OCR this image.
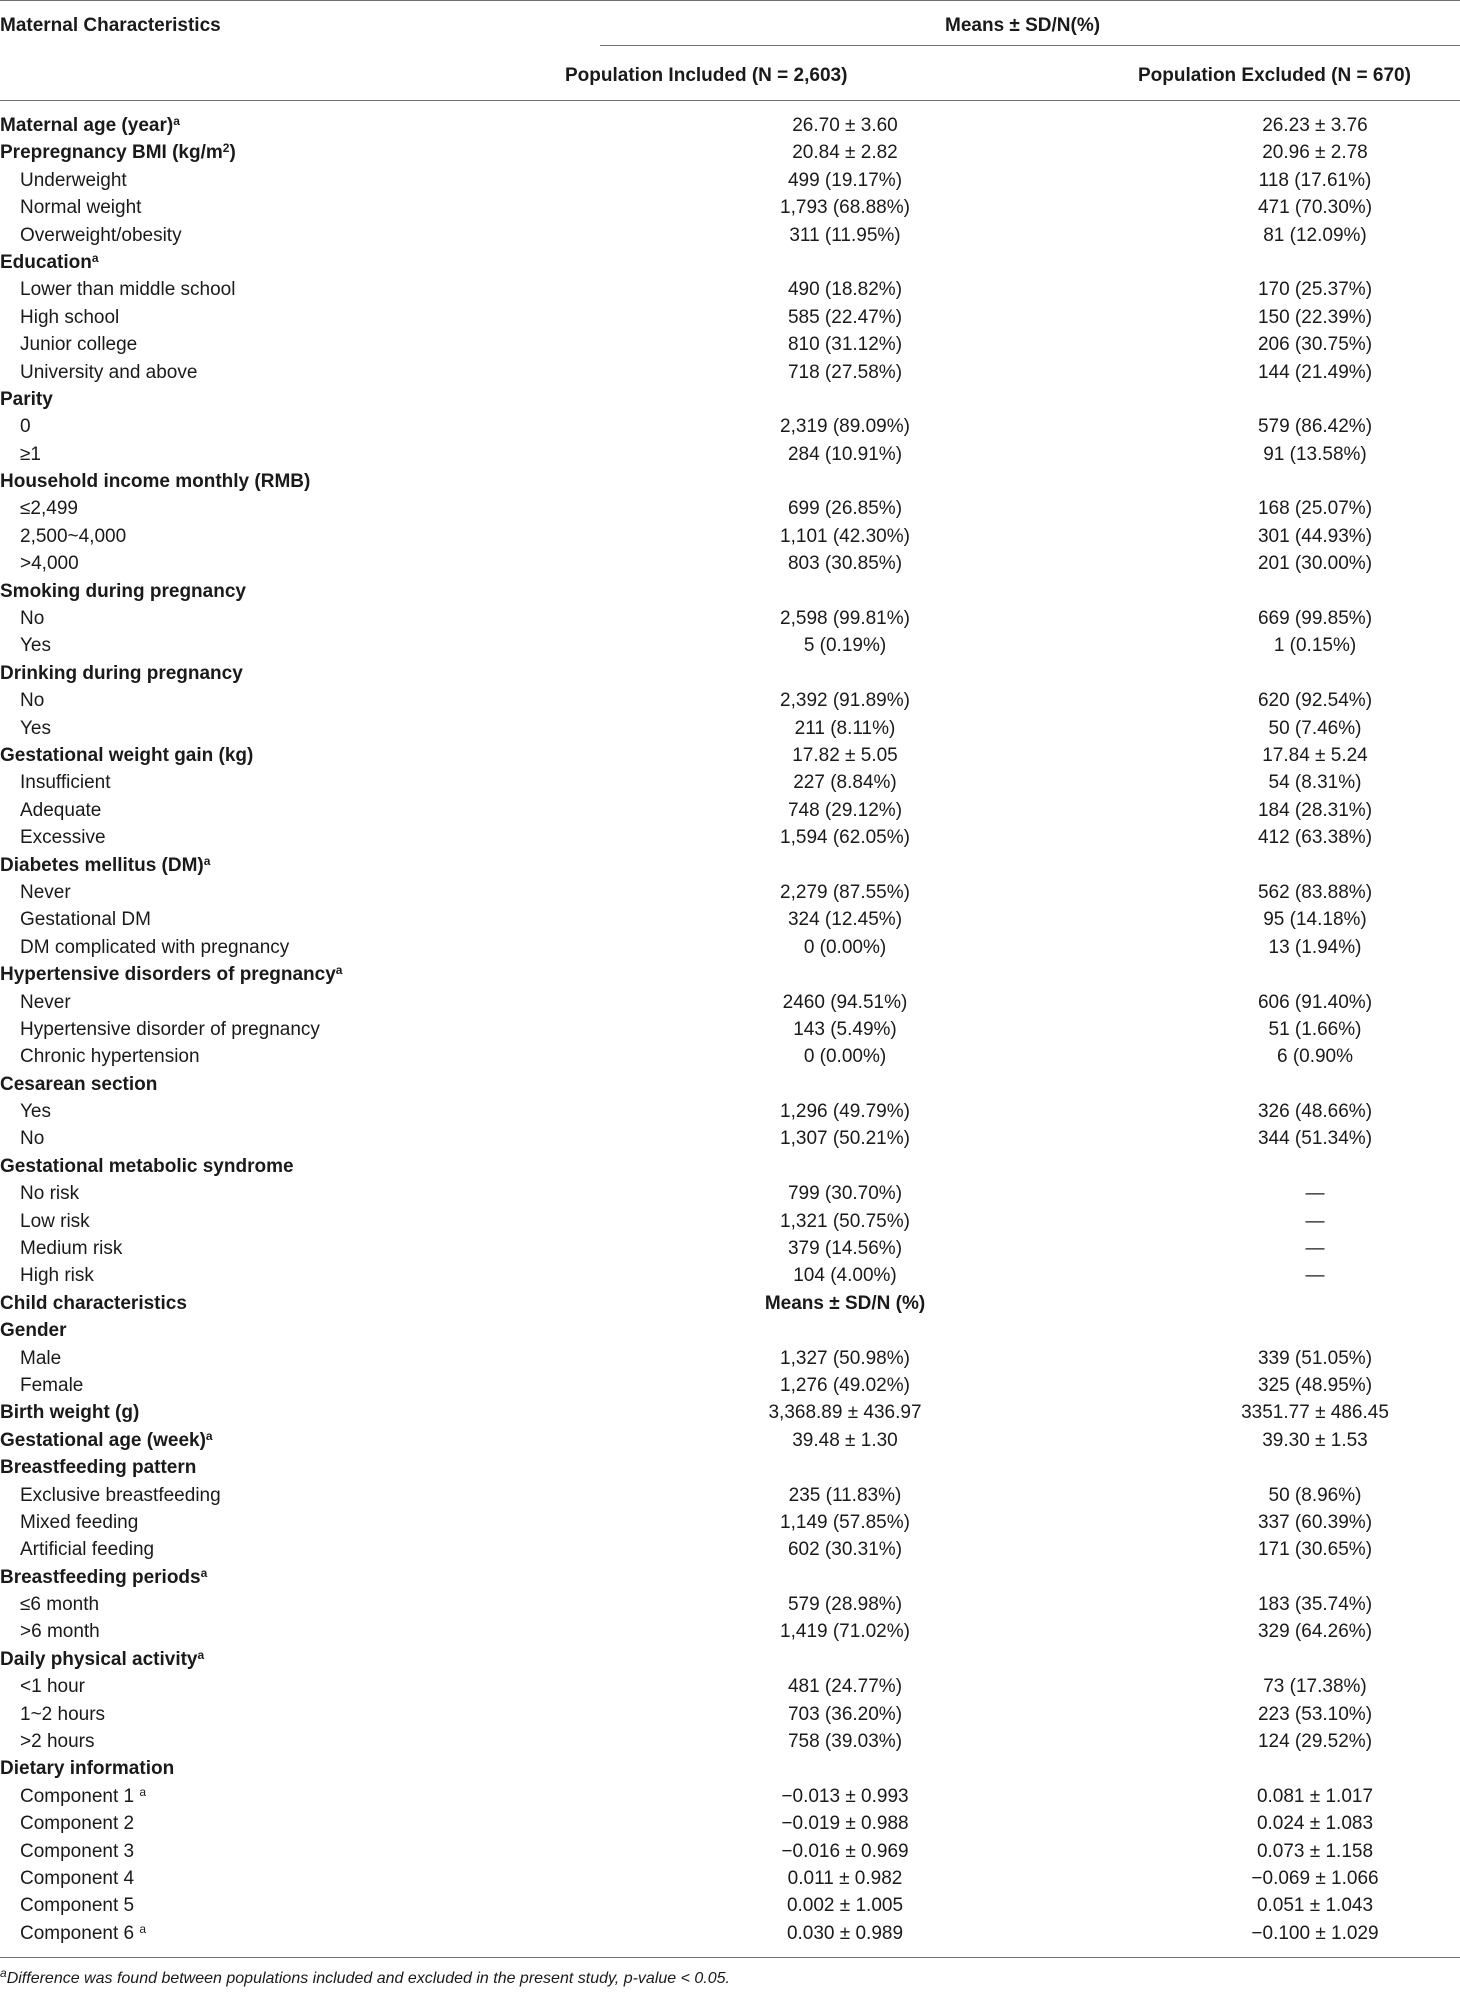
Maternal Characteristics	Means ± SD/N(%)
Population Included (N = 2,603)	Population Excluded (N = 670)
Maternal age (year)$^a$	26.70 ± 3.60	26.23 ± 3.76
Prepregnancy BMI $(kg/m^2)$	20.84 ± 2.82	20.96 ± 2.78
Underweight	499 (19.17%)	118 (17.61%)
Normal weight	1,793 (68.88%)	471 (70.30%)
Overweight/obesity	311 (11.95%)	81 (12.09%)
Education$^a$
Lower than middle school	490 (18.82%)	170 (25.37%)
High school	585 (22.47%)	150 (22.39%)
Junior college	810 (31.12%)	206 (30.75%)
University and above	718 (27.58%)	144 (21.49%)
Parity
0	2,319 (89.09%)	579 (86.42%)
≥1	284 (10.91%)	91 (13.58%)
Household income monthly (RMB)
≤2,499	699 (26.85%)	168 (25.07%)
2,500~4,000	1,101 (42.30%)	301 (44.93%)
>4,000	803 (30.85%)	201 (30.00%)
Smoking during pregnancy
No	2,598 (99.81%)	669 (99.85%)
Yes	5 (0.19%)	1 (0.15%)
Drinking during pregnancy
No	2,392 (91.89%)	620 (92.54%)
Yes	211 (8.11%)	50 (7.46%)
Gestational weight gain (kg)	17.82 ± 5.05	17.84 ± 5.24
Insufficient	227 (8.84%)	54 (8.31%)
Adequate	748 (29.12%)	184 (28.31%)
Excessive	1,594 (62.05%)	412 (63.38%)
Diabetes mellitus (DM)$^a$
Never	2,279 (87.55%)	562 (83.88%)
Gestational DM	324 (12.45%)	95 (14.18%)
DM complicated with pregnancy	0 (0.00%)	13 (1.94%)
Hypertensive disorders of pregnancy$^a$
Never	2460 (94.51%)	606 (91.40%)
Hypertensive disorder of pregnancy	143 (5.49%)	51 (1.66%)
Chronic hypertension	0 (0.00%)	6 (0.90%
Cesarean section
Yes	1,296 (49.79%)	326 (48.66%)
No	1,307 (50.21%)	344 (51.34%)
Gestational metabolic syndrome
No risk	799 (30.70%)	—
Low risk	1,321 (50.75%)	—
Medium risk	379 (14.56%)	—
High risk	104 (4.00%)	—
Child characteristics	Means ± SD/N (%)
Gender
Male	1,327 (50.98%)	339 (51.05%)
Female	1,276 (49.02%)	325 (48.95%)
Birth weight (g)	3,368.89 ± 436.97	3351.77 ± 486.45
Gestational age (week)$^a$	39.48 ± 1.30	39.30 ± 1.53
Breastfeeding pattern
Exclusive breastfeeding	235 (11.83%)	50 (8.96%)
Mixed feeding	1,149 (57.85%)	337 (60.39%)
Artificial feeding	602 (30.31%)	171 (30.65%)
Breastfeeding periods$^a$
≤6 month	579 (28.98%)	183 (35.74%)
>6 month	1,419 (71.02%)	329 (64.26%)
Daily physical activity$^a$
<1 hour	481 (24.77%)	73 (17.38%)
1~2 hours	703 (36.20%)	223 (53.10%)
>2 hours	758 (39.03%)	124 (29.52%)
Dietary information
Component 1 $^a$	−0.013 ± 0.993	0.081 ± 1.017
Component 2	−0.019 ± 0.988	0.024 ± 1.083
Component 3	−0.016 ± 0.969	0.073 ± 1.158
Component 4	0.011 ± 0.982	−0.069 ± 1.066
Component 5	0.002 ± 1.005	0.051 ± 1.043
Component 6 $^a$	0.030 ± 0.989	−0.100 ± 1.029
$^a$Difference was found between populations included and excluded in the present study, p-value < 0.05.
